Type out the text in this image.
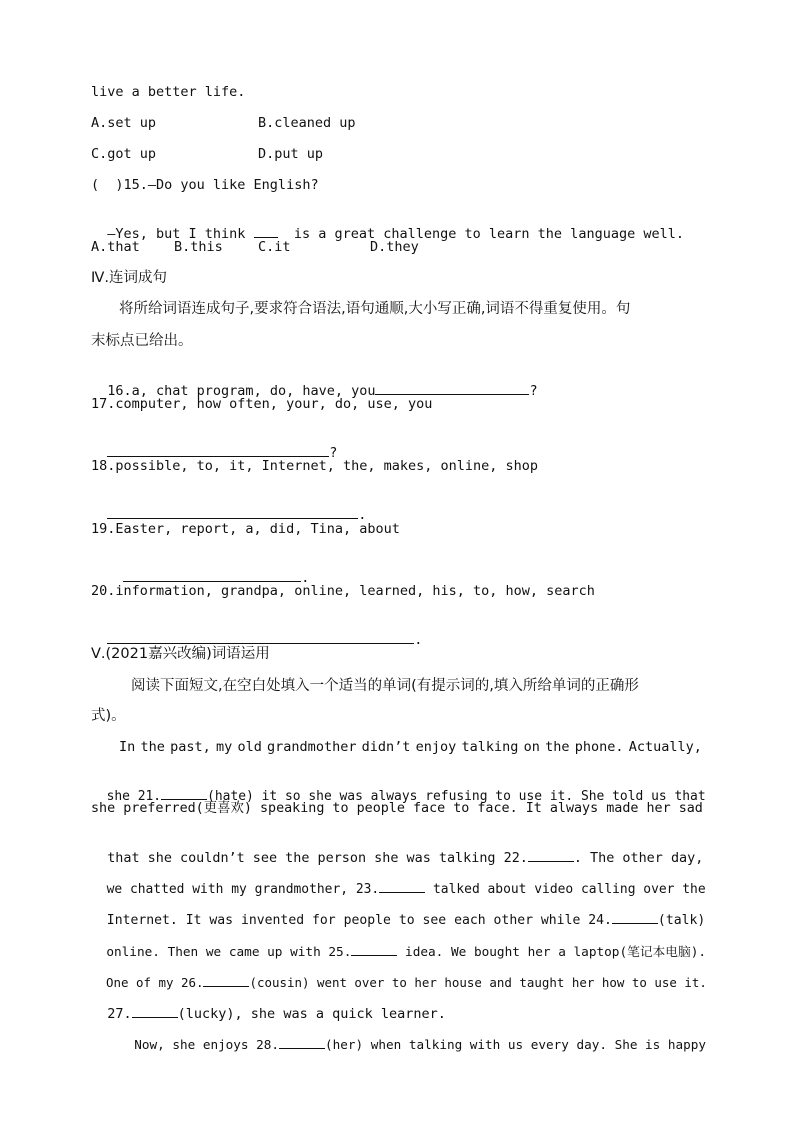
live a better life.
A.set up	B.cleaned up
C.got up	D.put up
(  )15.—Do you like English?

—Yes, but I think	is a great challenge to learn the language well.

A.that	B.this	C.it	D.they
Ⅳ.连词成句
将所给词语连成句子,要求符合语法,语句通顺,大小写正确,词语不得重复使用。句
末标点已给出。

16.a, chat program, do, have, you	?

17.computer, how often, your, do, use, you

?

18.possible, to, it, Internet, the, makes, online, shop

.

19.Easter, report, a, did, Tina, about

.

20.information, grandpa, online, learned, his, to, how, search

.

Ⅴ.(2021嘉兴改编)词语运用
阅读下面短文,在空白处填入一个适当的单词(有提示词的,填入所给单词的正确形
式)。
In the past, my old grandmother didn’t enjoy talking on the phone. Actually,

she 21.	(hate) it so she was always refusing to use it. She told us that

she preferred(更喜欢) speaking to people face to face. It always made her sad

that she couldn’t see the person she was talking 22.	. The other day,

we chatted with my grandmother, 23.	talked about video calling over the

Internet. It was invented for people to see each other while 24.	(talk)

online. Then we came up with 25.	idea. We bought her a laptop(笔记本电脑).

One of my 26.	(cousin) went over to her house and taught her how to use it.

27.	(lucky), she was a quick learner.

Now, she enjoys 28.	(her) when talking with us every day. She is happy
